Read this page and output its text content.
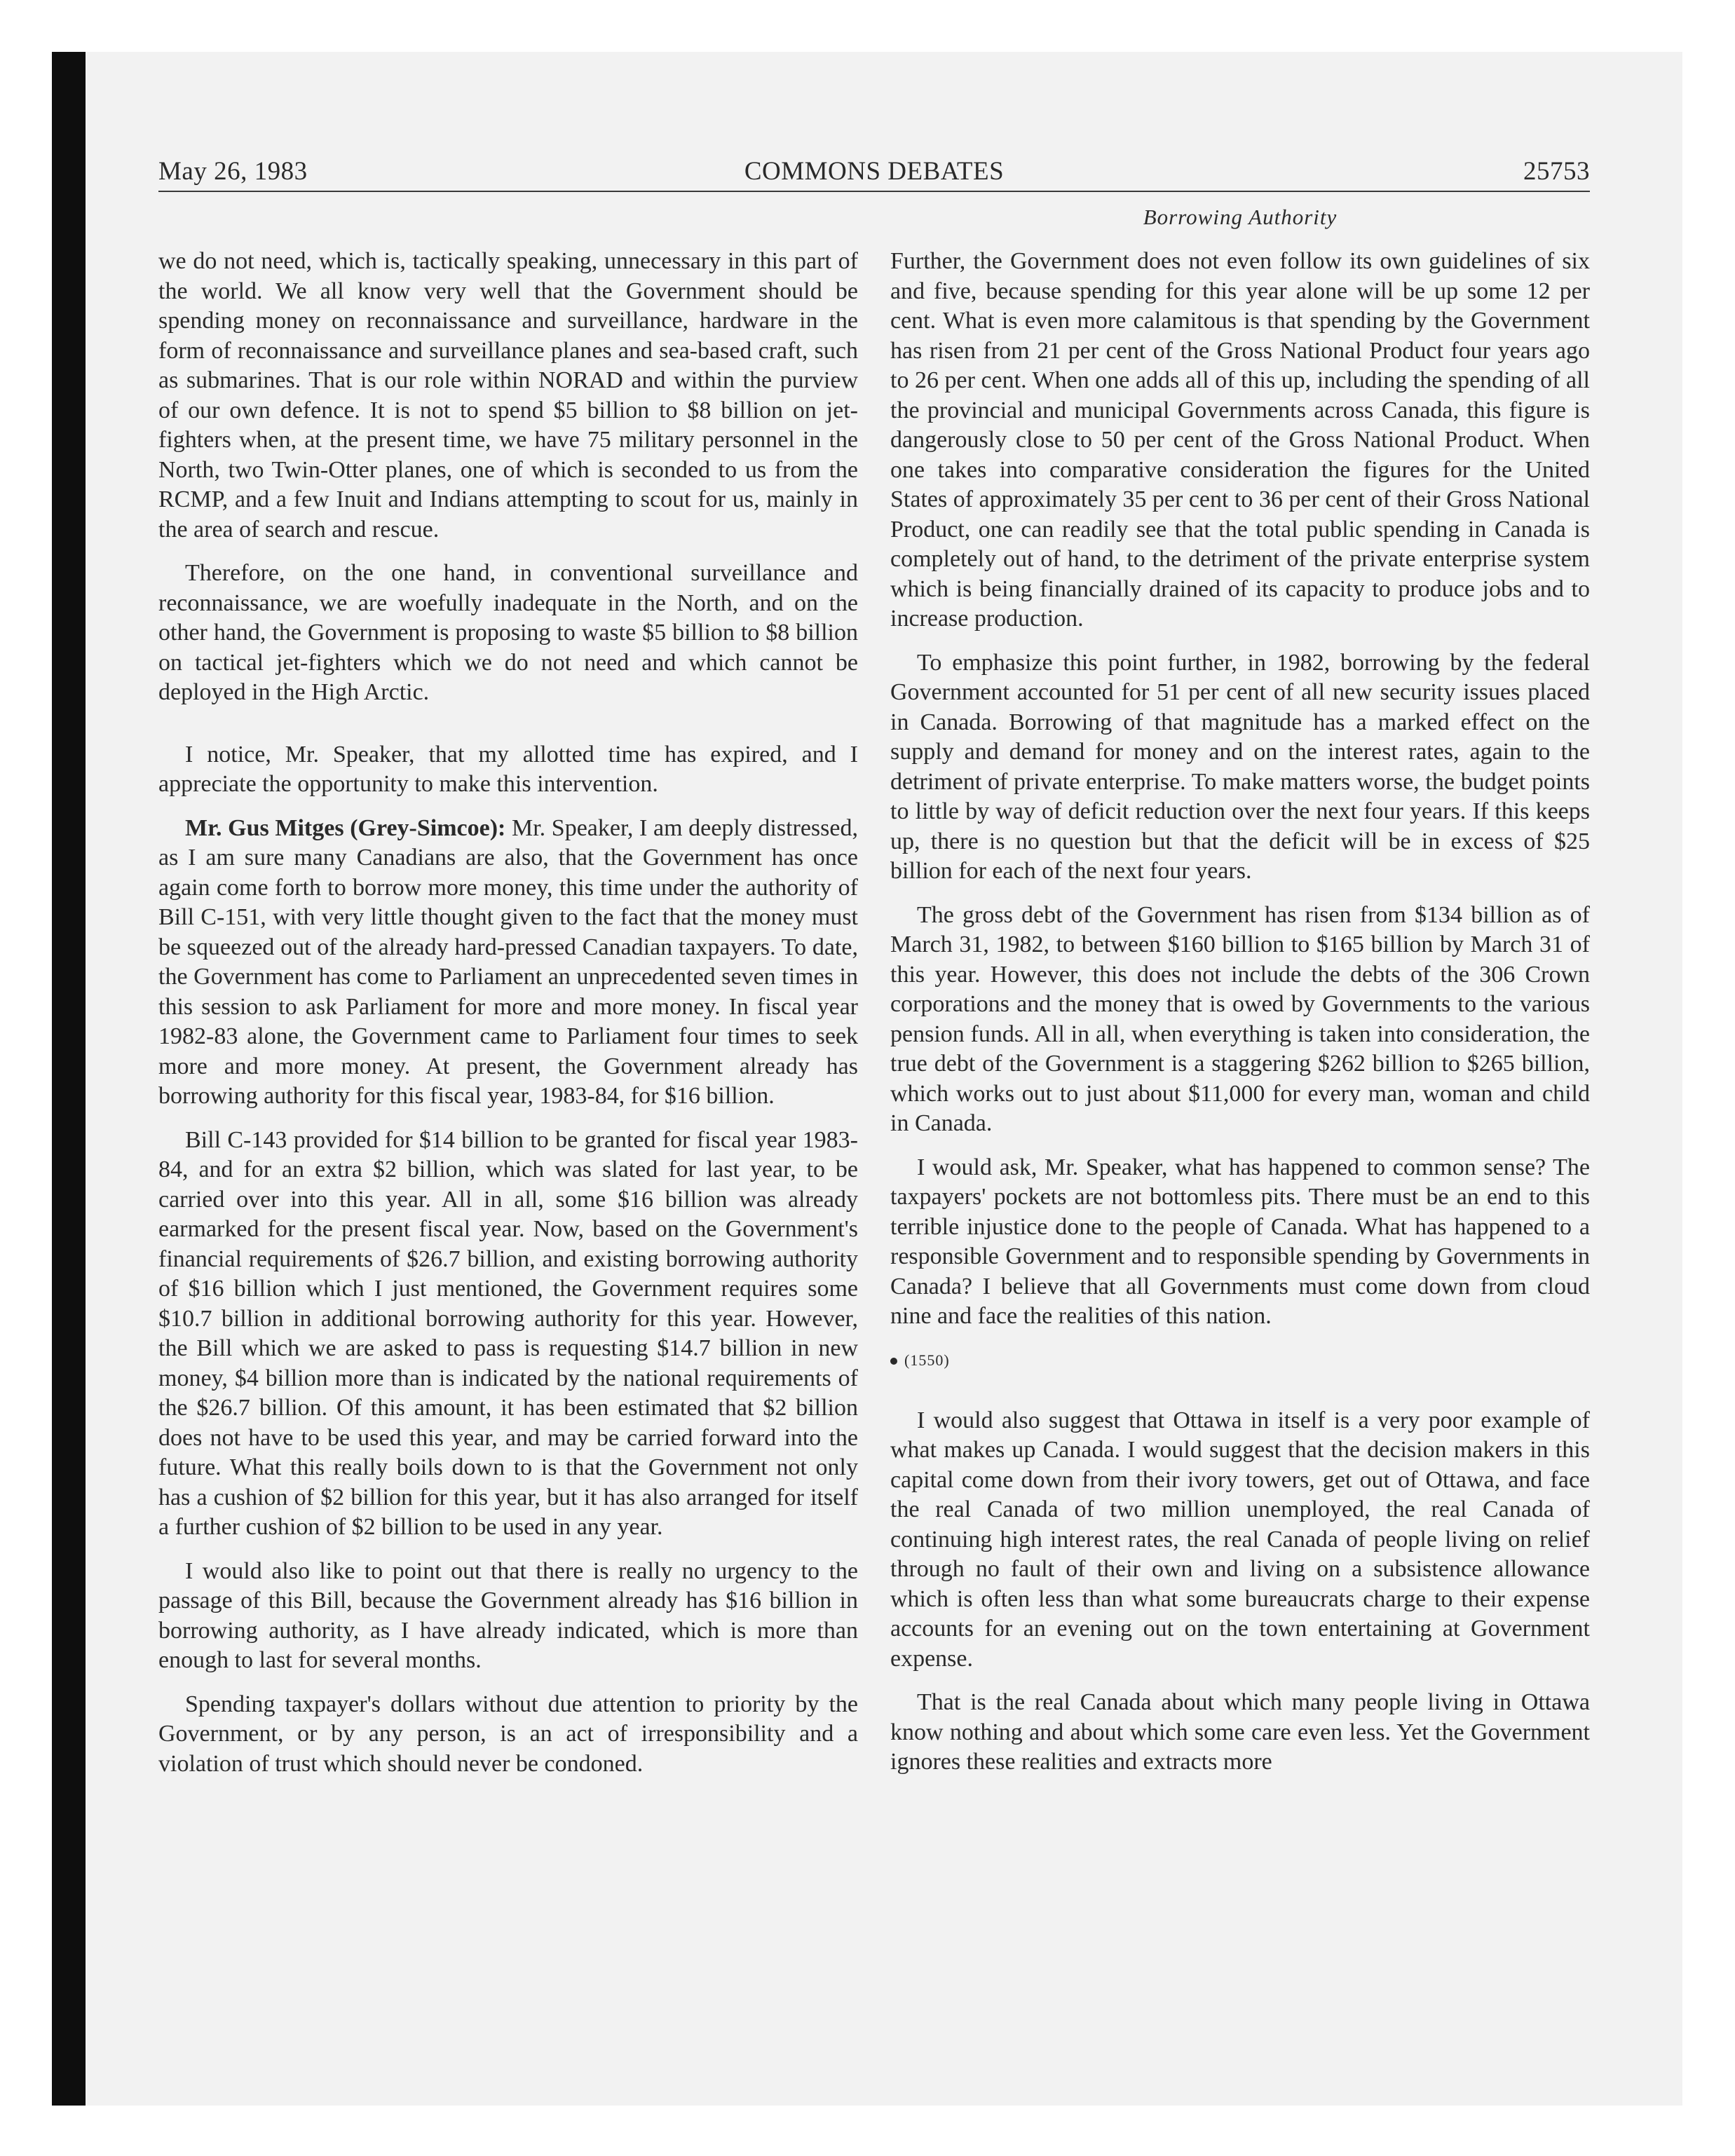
May 26, 1983	COMMONS DEBATES	25753
Borrowing Authority

we do not need, which is, tactically speaking, unnecessary in this part of the world. We all know very well that the Government should be spending money on reconnaissance and surveillance, hardware in the form of reconnaissance and surveillance planes and sea-based craft, such as submarines. That is our role within NORAD and within the purview of our own defence. It is not to spend $5 billion to $8 billion on jet-fighters when, at the present time, we have 75 military personnel in the North, two Twin-Otter planes, one of which is seconded to us from the RCMP, and a few Inuit and Indians attempting to scout for us, mainly in the area of search and rescue.

Therefore, on the one hand, in conventional surveillance and reconnaissance, we are woefully inadequate in the North, and on the other hand, the Government is proposing to waste $5 billion to $8 billion on tactical jet-fighters which we do not need and which cannot be deployed in the High Arctic.

I notice, Mr. Speaker, that my allotted time has expired, and I appreciate the opportunity to make this intervention.

Mr. Gus Mitges (Grey-Simcoe): Mr. Speaker, I am deeply distressed, as I am sure many Canadians are also, that the Government has once again come forth to borrow more money, this time under the authority of Bill C-151, with very little thought given to the fact that the money must be squeezed out of the already hard-pressed Canadian taxpayers. To date, the Government has come to Parliament an unprecedented seven times in this session to ask Parliament for more and more money. In fiscal year 1982-83 alone, the Government came to Parliament four times to seek more and more money. At present, the Government already has borrowing authority for this fiscal year, 1983-84, for $16 billion.

Bill C-143 provided for $14 billion to be granted for fiscal year 1983-84, and for an extra $2 billion, which was slated for last year, to be carried over into this year. All in all, some $16 billion was already earmarked for the present fiscal year. Now, based on the Government's financial requirements of $26.7 billion, and existing borrowing authority of $16 billion which I just mentioned, the Government requires some $10.7 billion in additional borrowing authority for this year. However, the Bill which we are asked to pass is requesting $14.7 billion in new money, $4 billion more than is indicated by the national requirements of the $26.7 billion. Of this amount, it has been estimated that $2 billion does not have to be used this year, and may be carried forward into the future. What this really boils down to is that the Government not only has a cushion of $2 billion for this year, but it has also arranged for itself a further cushion of $2 billion to be used in any year.

I would also like to point out that there is really no urgency to the passage of this Bill, because the Government already has $16 billion in borrowing authority, as I have already indicated, which is more than enough to last for several months.

Spending taxpayer's dollars without due attention to priority by the Government, or by any person, is an act of irresponsibility and a violation of trust which should never be condoned.

Further, the Government does not even follow its own guidelines of six and five, because spending for this year alone will be up some 12 per cent. What is even more calamitous is that spending by the Government has risen from 21 per cent of the Gross National Product four years ago to 26 per cent. When one adds all of this up, including the spending of all the provincial and municipal Governments across Canada, this figure is dangerously close to 50 per cent of the Gross National Product. When one takes into comparative consideration the figures for the United States of approximately 35 per cent to 36 per cent of their Gross National Product, one can readily see that the total public spending in Canada is completely out of hand, to the detriment of the private enterprise system which is being financially drained of its capacity to produce jobs and to increase production.

To emphasize this point further, in 1982, borrowing by the federal Government accounted for 51 per cent of all new security issues placed in Canada. Borrowing of that magnitude has a marked effect on the supply and demand for money and on the interest rates, again to the detriment of private enterprise. To make matters worse, the budget points to little by way of deficit reduction over the next four years. If this keeps up, there is no question but that the deficit will be in excess of $25 billion for each of the next four years.

The gross debt of the Government has risen from $134 billion as of March 31, 1982, to between $160 billion to $165 billion by March 31 of this year. However, this does not include the debts of the 306 Crown corporations and the money that is owed by Governments to the various pension funds. All in all, when everything is taken into consideration, the true debt of the Government is a staggering $262 billion to $265 billion, which works out to just about $11,000 for every man, woman and child in Canada.

I would ask, Mr. Speaker, what has happened to common sense? The taxpayers' pockets are not bottomless pits. There must be an end to this terrible injustice done to the people of Canada. What has happened to a responsible Government and to responsible spending by Governments in Canada? I believe that all Governments must come down from cloud nine and face the realities of this nation.

(1550)

I would also suggest that Ottawa in itself is a very poor example of what makes up Canada. I would suggest that the decision makers in this capital come down from their ivory towers, get out of Ottawa, and face the real Canada of two million unemployed, the real Canada of continuing high interest rates, the real Canada of people living on relief through no fault of their own and living on a subsistence allowance which is often less than what some bureaucrats charge to their expense accounts for an evening out on the town entertaining at Government expense.

That is the real Canada about which many people living in Ottawa know nothing and about which some care even less. Yet the Government ignores these realities and extracts more
